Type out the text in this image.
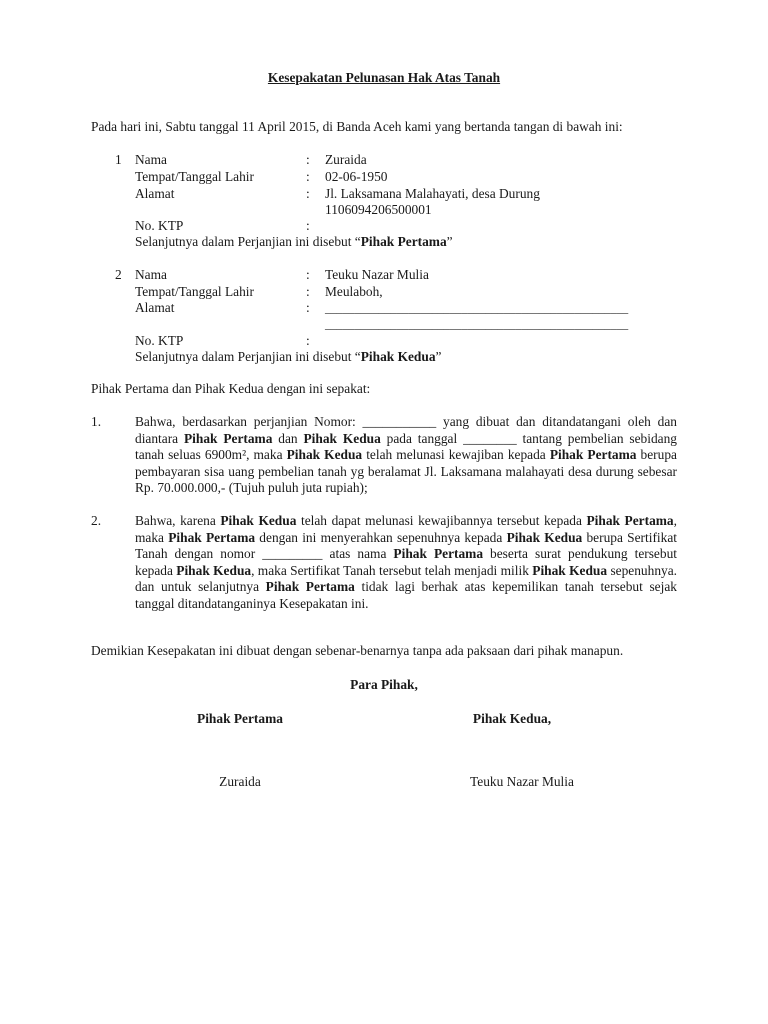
Kesepakatan Pelunasan Hak Atas Tanah
Pada hari ini, Sabtu tanggal 11 April 2015, di Banda Aceh kami yang bertanda tangan di bawah ini:
1 Nama	: Zuraida
Tempat/Tanggal Lahir	: 02-06-1950
Alamat	: Jl. Laksamana Malahayati, desa Durung
1106094206500001
No. KTP	:
Selanjutnya dalam Perjanjian ini disebut “Pihak Pertama”
2 Nama	: Teuku Nazar Mulia
Tempat/Tanggal Lahir	: Meulaboh,
Alamat	: ___________________________________________________
___________________________________________________
No. KTP	:
Selanjutnya dalam Perjanjian ini disebut “Pihak Kedua”
Pihak Pertama dan Pihak Kedua dengan ini sepakat:
1.	Bahwa, berdasarkan perjanjian Nomor: ___________ yang dibuat dan ditandatangani oleh dan diantara Pihak Pertama dan Pihak Kedua pada tanggal ________ tantang pembelian sebidang tanah seluas 6900m², maka Pihak Kedua telah melunasi kewajiban kepada Pihak Pertama berupa pembayaran sisa uang pembelian tanah yg beralamat Jl. Laksamana malahayati desa durung sebesar Rp. 70.000.000,- (Tujuh puluh juta rupiah);
2.	Bahwa, karena Pihak Kedua telah dapat melunasi kewajibannya tersebut kepada Pihak Pertama, maka Pihak Pertama dengan ini menyerahkan sepenuhnya kepada Pihak Kedua berupa Sertifikat Tanah dengan nomor _________ atas nama Pihak Pertama beserta surat pendukung tersebut kepada Pihak Kedua, maka Sertifikat Tanah tersebut telah menjadi milik Pihak Kedua sepenuhnya. dan untuk selanjutnya Pihak Pertama tidak lagi berhak atas kepemilikan tanah tersebut sejak tanggal ditandatanganinya Kesepakatan ini.
Demikian Kesepakatan ini dibuat dengan sebenar-benarnya tanpa ada paksaan dari pihak manapun.
Para Pihak,
Pihak Pertama	Pihak Kedua,
Zuraida	Teuku Nazar Mulia
